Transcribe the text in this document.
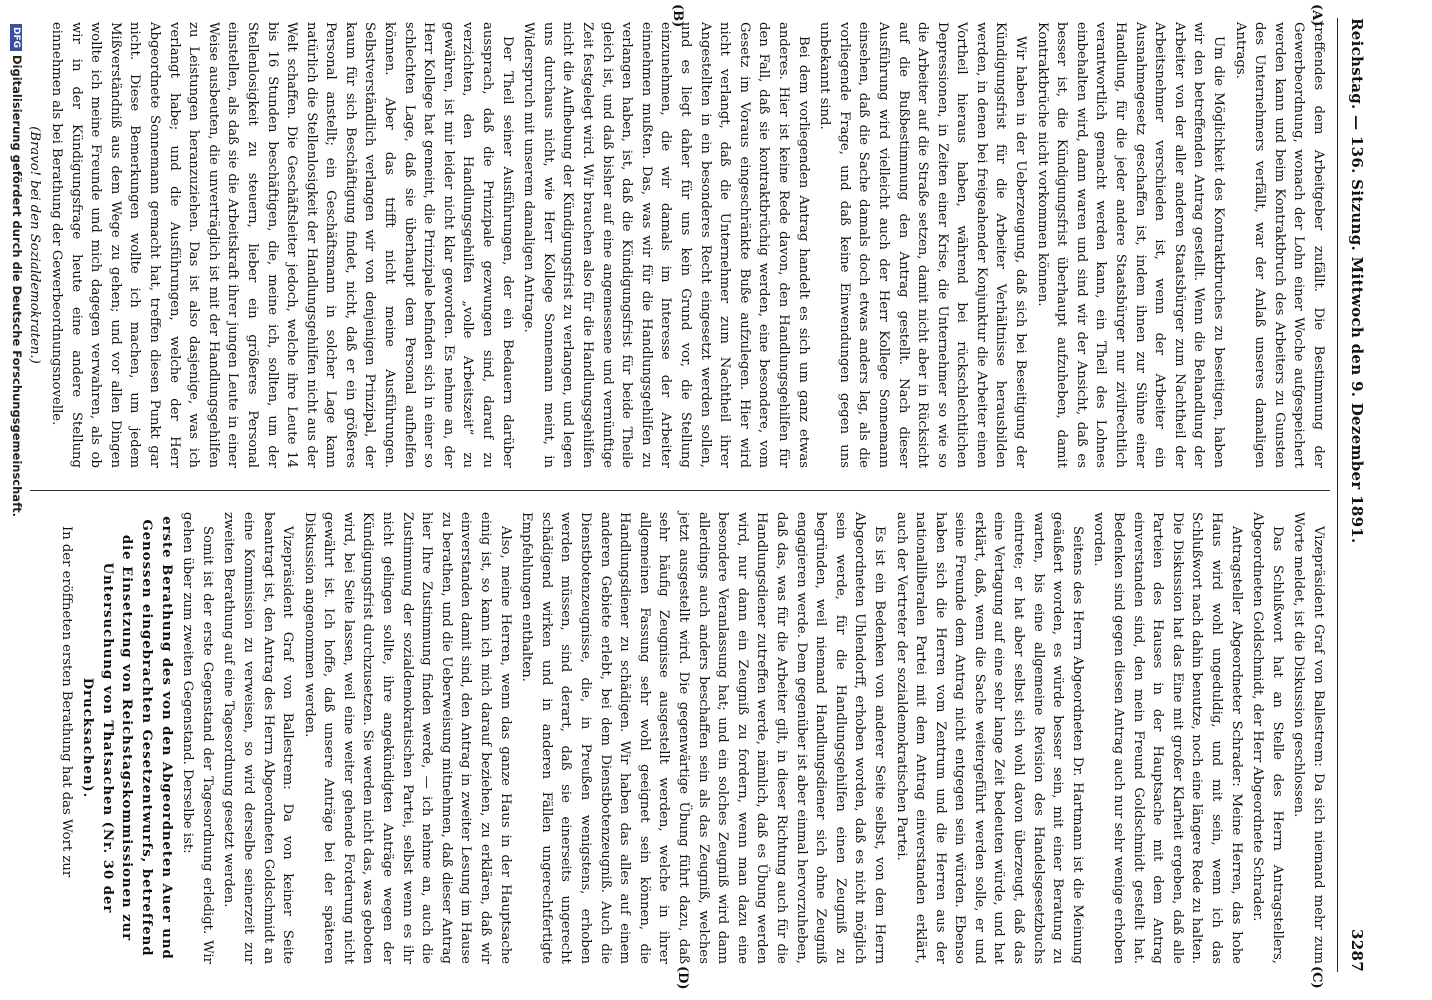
Reichstag. — 136. Sitzung. Mittwoch den 9. Dezember 1891.
3287
(A)
(B)
(C)
(D)

treffendes dem Arbeitgeber zufällt. Die Bestimmung der Gewerbeordnung, wonach der Lohn einer Woche aufgespeichert werden kann und beim Kontraktbruch des Arbeiters zu Gunsten des Unternehmers verfällt, war der Anlaß unseres damaligen Antrags.

Um die Möglichkeit des Kontraktbruches zu beseitigen, haben wir den betreffenden Antrag gestellt. Wenn die Behandlung der Arbeiter von der aller anderen Staatsbürger zum Nachtheil der Arbeitsnehmer verschieden ist, wenn der Arbeiter ein Ausnahmegesetz geschaffen ist, indem ihnen zur Sühne einer Handlung, für die jeder andere Staatsbürger nur zivilrechtlich verantwortlich gemacht werden kann, ein Theil des Lohnes einbehalten wird, dann waren und sind wir der Ansicht, daß es besser ist, die Kündigungsfrist überhaupt aufzuheben, damit Kontraktbrüche nicht vorkommen können.

Wir haben in der Ueberzeugung, daß sich bei Beseitigung der Kündigungsfrist für die Arbeiter Verhältnisse herausbilden werden, in denen bei freigeahender Konjunktur die Arbeiter einen Vortheil hieraus haben, während bei rückschlechtlichen Depressionen, in Zeiten einer Krise, die Unternehmer so wie so die Arbeiter auf die Straße setzen, damit nicht aber in Rücksicht auf die Bußbestimmung den Antrag gestellt. Nach dieser Ausführung wird vielleicht auch der Herr Kollege Sonnemann einsehen, daß die Sache damals doch etwas anders lag, als die vorliegende Frage, und daß keine Einwendungen gegen uns unbekannt sind.

Bei dem vorliegenden Antrag handelt es sich um ganz etwas anderes. Hier ist keine Rede davon, den Handlungsgehilfen für den Fall, daß sie kontraktbrüchig werden, eine besondere, vom Gesetz im Voraus eingeschränkte Buße aufzulegen. Hier wird nicht verlangt, daß die Unternehmer zum Nachtheil ihrer Angestellten in ein besonderes Recht eingesetzt werden sollen, und es liegt daher für uns kein Grund vor, die Stellung einzunehmen, die wir damals im Interesse der Arbeiter einnehmen mußten. Das, was wir für die Handlungsgehilfen zu verlangen haben, ist, daß die Kündigungsfrist für beide Theile gleich ist, und daß bisher auf eine angemessene und vernünftige Zeit festgelegt wird. Wir brauchen also für die Handlungsgehilfen nicht die Aufhebung der Kündigungsfrist zu verlangen, und legen uns durchaus nicht, wie Herr Kollege Sonnemann meint, in Widerspruch mit unserem damaligen Antrage.

Der Theil seiner Ausführungen, der ein Bedauern darüber aussprach, daß die Prinzipale gezwungen sind, darauf zu verzichten, den Handlungsgehilfen „volle Arbeitszeit“ zu gewähren, ist mir leider nicht klar geworden. Es nehme an, der Herr Kollege hat gemeint, die Prinzipale befinden sich in einer so schlechten Lage, daß sie überhaupt dem Personal aufhelfen können. Aber das trifft nicht meine Ausführungen. Selbstverständlich verlangen wir von denjenigen Prinzipal, der kaum für sich Beschäftigung findet, nicht, daß er ein größeres Personal anstellt; ein Geschäftsmann in solcher Lage kann natürlich die Stellenlosigkeit der Handlungsgehilfen nicht aus der Welt schaffen. Die Geschäftsleiter jedoch, welche ihre Leute 14 bis 16 Stunden beschäftigen, die, meine ich, sollten, um der Stellenlosigkeit zu steuern, lieber ein größeres Personal einstellen, als daß sie die Arbeitskraft ihrer jungen Leute in einer Weise ausbeuten, die unverträglich ist mit der Handlungsgehilfen zu Leistungen heranzuziehen. Das ist also dasjenige, was ich verlangt habe; und die Ausführungen, welche der Herr Abgeordnete Sonnemann gemacht hat, treffen diesen Punkt gar nicht. Diese Bemerkungen wollte ich machen, um jedem Mißverständniß aus dem Wege zu gehen; und vor allen Dingen wollte ich meine Freunde und mich dagegen verwahren, als ob wir in der Kündigungsfrage heute eine andere Stellung einnehmen als bei Berathung der Gewerbeordnungsnovelle.

(Bravo! bei den Sozialdemokraten.)

Vizepräsident Graf von Ballestrem: Da sich niemand mehr zum Worte meldet, ist die Diskussion geschlossen.

Das Schlußwort hat an Stelle des Herrn Antragstellers, Abgeordneten Goldschmidt, der Herr Abgeordnete Schrader.

Antragsteller Abgeordneter Schrader: Meine Herren, das hohe Haus wird wohl ungeduldig, und mit sein, wenn ich das Schlußwort nach dahin benutze, noch eine längere Rede zu halten. Die Diskussion hat das Eine mit großer Klarheit ergeben, daß alle Parteien des Hauses in der Hauptsache mit dem Antrag einverstanden sind, den mein Freund Goldschmidt gestellt hat. Bedenken sind gegen diesen Antrag auch nur sehr wenige erhoben worden.

Seitens des Herrn Abgeordneten Dr. Hartmann ist die Meinung geäußert worden, es würde besser sein, mit einer Beratung zu warten, bis eine allgemeine Revision des Handelsgesetzbuchs eintrete; er hat aber selbst sich wohl davon überzeugt, daß das eine Vertagung auf eine sehr lange Zeit bedeuten würde, und hat erklärt, daß, wenn die Sache weitergeführt werden solle, er und seine Freunde dem Antrag nicht entgegen sein würden. Ebenso haben sich die Herren vom Zentrum und die Herren aus der nationalliberalen Partei mit dem Antrag einverstanden erklärt, auch der Vertreter der sozialdemokratischen Partei.

Es ist ein Bedenken von anderer Seite selbst, von dem Herrn Abgeordneten Uhlendorff, erhoben worden, daß es nicht möglich sein werde, für die Handlungsgehilfen einen Zeugniß zu begründen, weil niemand Handlungsdiener sich ohne Zeugniß engagieren werde. Dem gegenüber ist aber einmal hervorzuheben, daß das, was für die Arbeiter gilt, in dieser Richtung auch für die Handlungsdiener zutreffen werde, nämlich, daß es Übung werden wird, nur dann ein Zeugniß zu fordern, wenn man dazu eine besondere Veranlassung hat; und ein solches Zeugniß wird dann allerdings auch anders beschaffen sein als das Zeugniß, welches jetzt ausgestellt wird. Die gegenwärtige Übung führt dazu, daß sehr häufig Zeugnisse ausgestellt werden, welche in ihrer allgemeinen Fassung sehr wohl geeignet sein können, die Handlungsdiener zu schädigen. Wir haben das alles auf einem anderen Gebiete erlebt, bei dem Dienstbotenzeugniß. Auch die Dienstbotenzeugnisse, die, in Preußen wenigstens, erhoben werden müssen, sind derart, daß sie einerseits ungerecht schädigend wirken und in anderen Fällen ungerechtfertigte Empfehlungen enthalten.

Also, meine Herren, wenn das ganze Haus in der Hauptsache einig ist, so kann ich mich darauf beziehen, zu erklären, daß wir einverstanden damit sind, den Antrag in zweiter Lesung im Hause zu berathen, und die Ueberweisung mitnehmen, daß dieser Antrag hier Ihre Zustimmung finden werde, — ich nehme an, auch die Zustimmung der sozialdemokratischen Partei, selbst wenn es ihr nicht gelingen sollte, ihre angekündigten Anträge wegen der Kündigungsfrist durchzusetzen. Sie werden nicht das, was geboten wird, bei Seite lassen, weil eine weiter gehende Forderung nicht gewährt ist. Ich hoffe, daß unsere Anträge bei der späteren Diskussion angenommen werden.

Vizepräsident Graf von Ballestrem: Da von keiner Seite beantragt ist, den Antrag des Herrn Abgeordneten Goldschmidt an eine Kommission zu verweisen, so wird derselbe seinerzeit zur zweiten Berathung auf eine Tagesordnung gesetzt werden.

Somit ist der erste Gegenstand der Tagesordnung erledigt. Wir gehen über zum zweiten Gegenstand. Derselbe ist:

erste Berathung des von den Abgeordneten Auer und Genossen eingebrachten Gesetzentwurfs, betreffend die Einsetzung von Reichstagskommissionen zur Untersuchung von Thatsachen (Nr. 30 der Drucksachen).

In der eröffneten ersten Berathung hat das Wort zur

DFGDigitalisierung gefördert durch die Deutsche Forschungsgemeinschaft.
